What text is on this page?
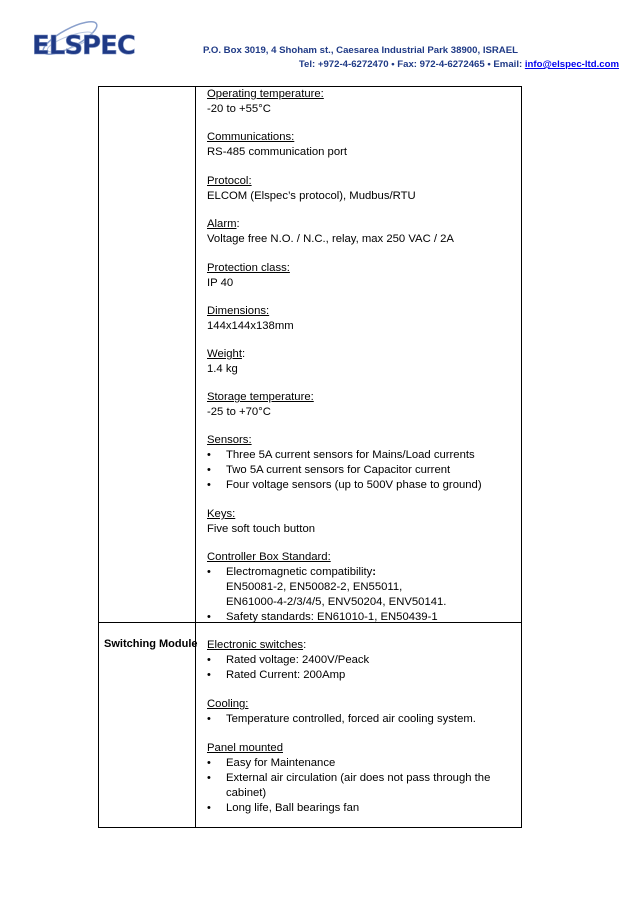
ELSPEC	P.O. Box 3019, 4 Shoham st., Caesarea Industrial Park 38900, ISRAEL
Tel: +972-4-6272470 • Fax: 972-4-6272465 • Email: info@elspec-ltd.com
Operating temperature:
-20 to +55°C
Communications:
RS-485 communication port
Protocol:
ELCOM (Elspec’s protocol), Mudbus/RTU
Alarm:
Voltage free N.O. / N.C., relay, max 250 VAC / 2A
Protection class:
IP 40
Dimensions:
144x144x138mm
Weight:
1.4 kg
Storage temperature:
-25 to +70°C
Sensors:
• Three 5A current sensors for Mains/Load currents
• Two 5A current sensors for Capacitor current
• Four voltage sensors (up to 500V phase to ground)
Keys:
Five soft touch button
Controller Box Standard:
• Electromagnetic compatibility:
EN50081-2, EN50082-2, EN55011,
EN61000-4-2/3/4/5, ENV50204, ENV50141.
• Safety standards: EN61010-1, EN50439-1
Switching Module Electronic switches:
• Rated voltage: 2400V/Peack
• Rated Current: 200Amp
Cooling:
• Temperature controlled, forced air cooling system.
Panel mounted
• Easy for Maintenance
• External air circulation (air does not pass through the
cabinet)
• Long life, Ball bearings fan
